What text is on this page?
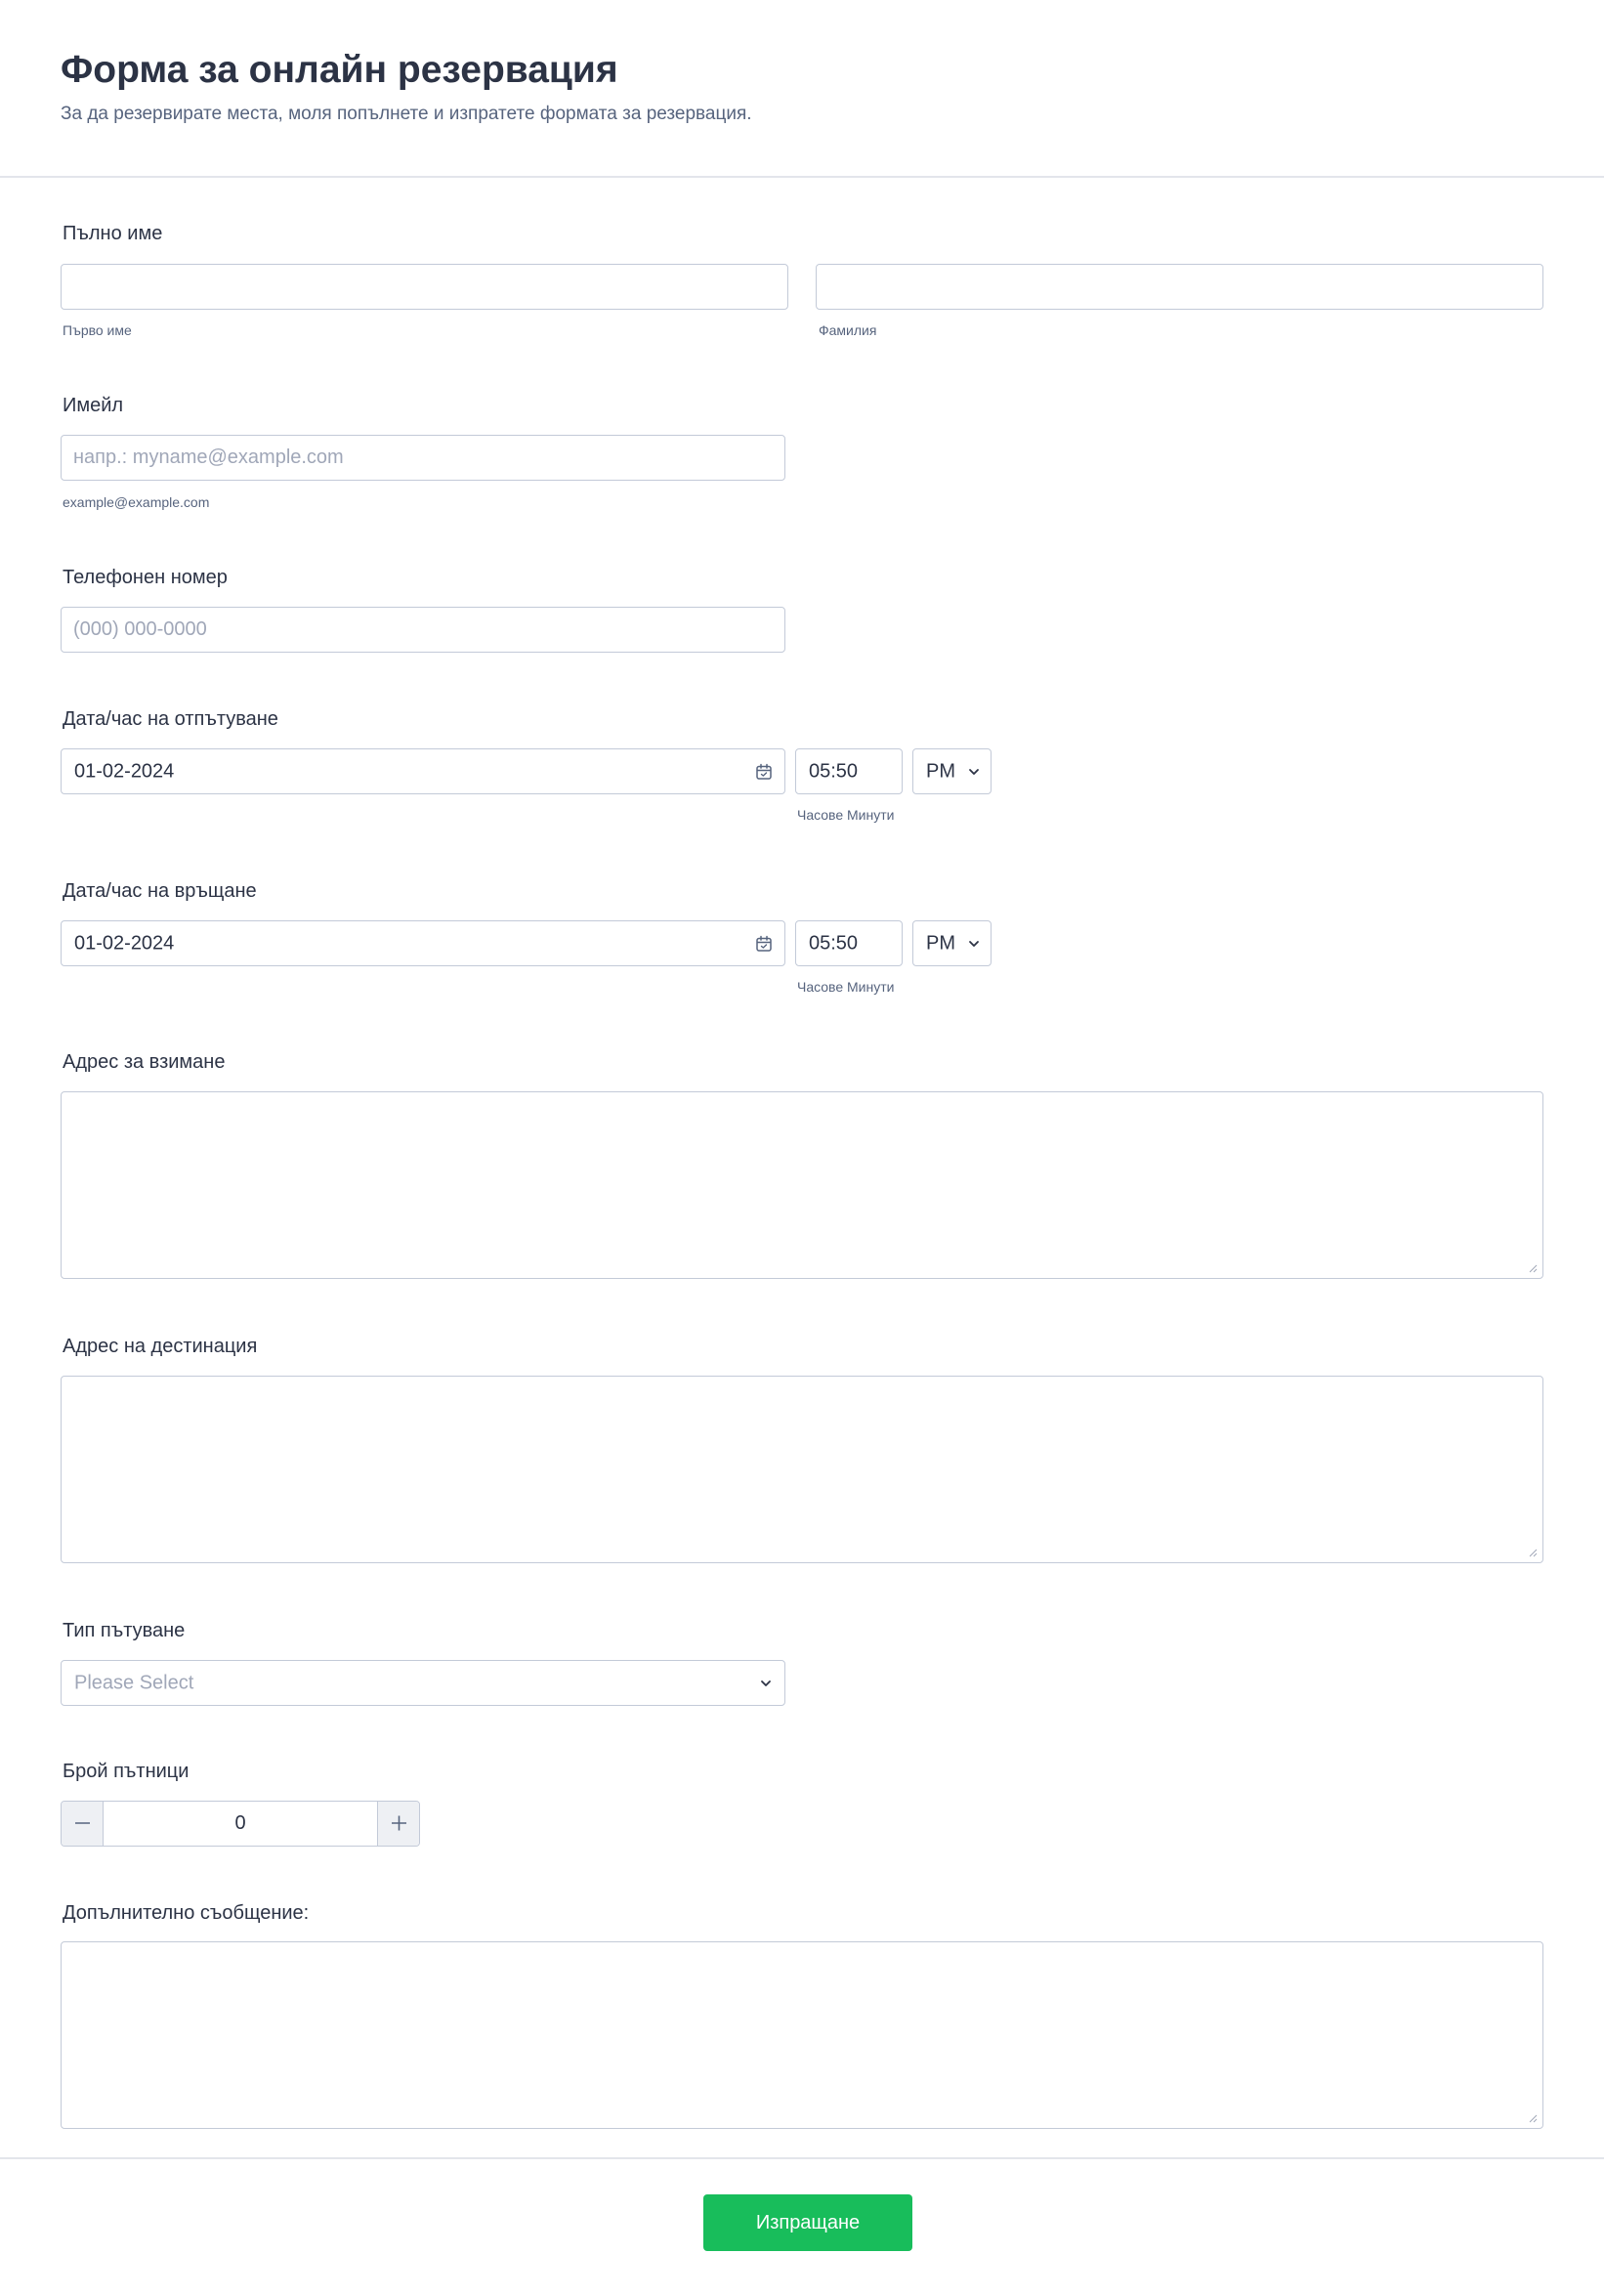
Форма за онлайн резервация
За да резервирате места, моля попълнете и изпратете формата за резервация.
Пълно име
Първо име	Фамилия
Имейл
напр.: myname@example.com
example@example.com
Телефонен номер
(000) 000-0000
Дата/час на отпътуване
01-02-2024	05:50	PM
Часове Минути
Дата/час на връщане
01-02-2024	05:50	PM
Часове Минути
Адрес за взимане
Адрес на дестинация
Тип пътуване
Please Select
Брой пътници
0
Допълнително съобщение:
Изпращане
